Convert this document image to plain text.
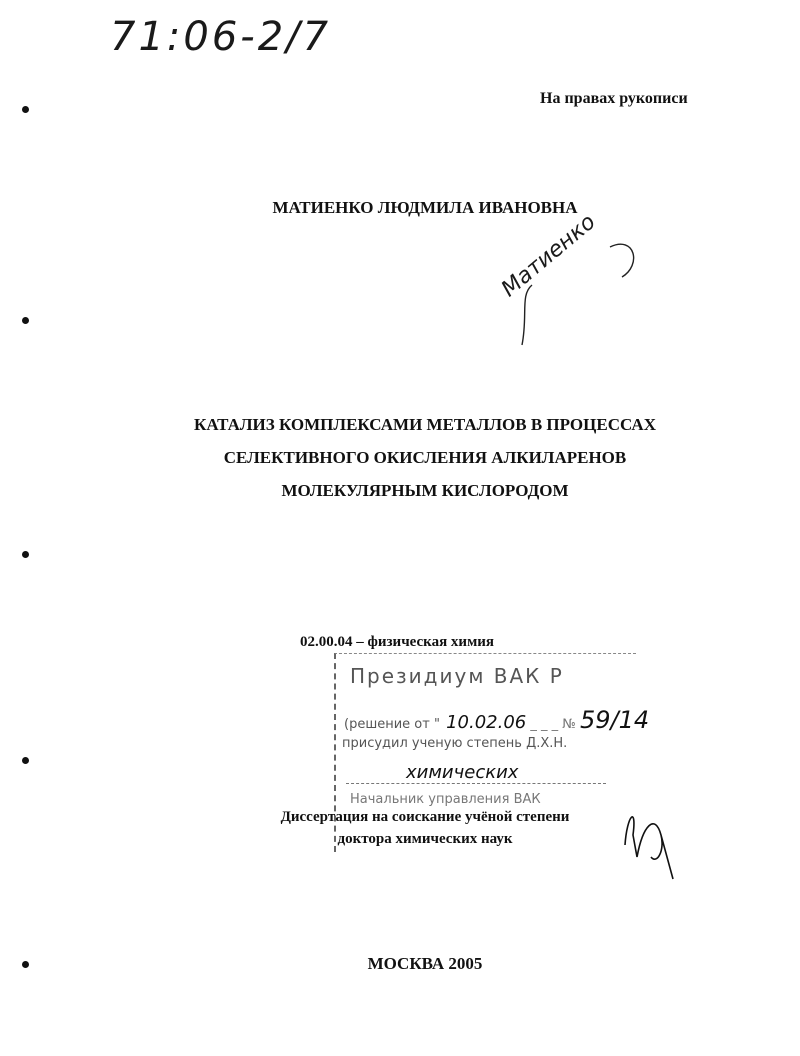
71:06-2/7
На правах рукописи
МАТИЕНКО ЛЮДМИЛА ИВАНОВНА
Матиенко
КАТАЛИЗ КОМПЛЕКСАМИ МЕТАЛЛОВ В ПРОЦЕССАХ
СЕЛЕКТИВНОГО ОКИСЛЕНИЯ АЛКИЛАРЕНОВ
МОЛЕКУЛЯРНЫМ КИСЛОРОДОМ
02.00.04 – физическая химия
Президиум ВАК Р
(решение от " 10.02.06 _ _ _ № 59/14
присудил ученую степень Д.Х.Н.
химических
Начальник управления ВАК
Диссертация на соискание учёной степени
доктора химических наук
МОСКВА 2005
